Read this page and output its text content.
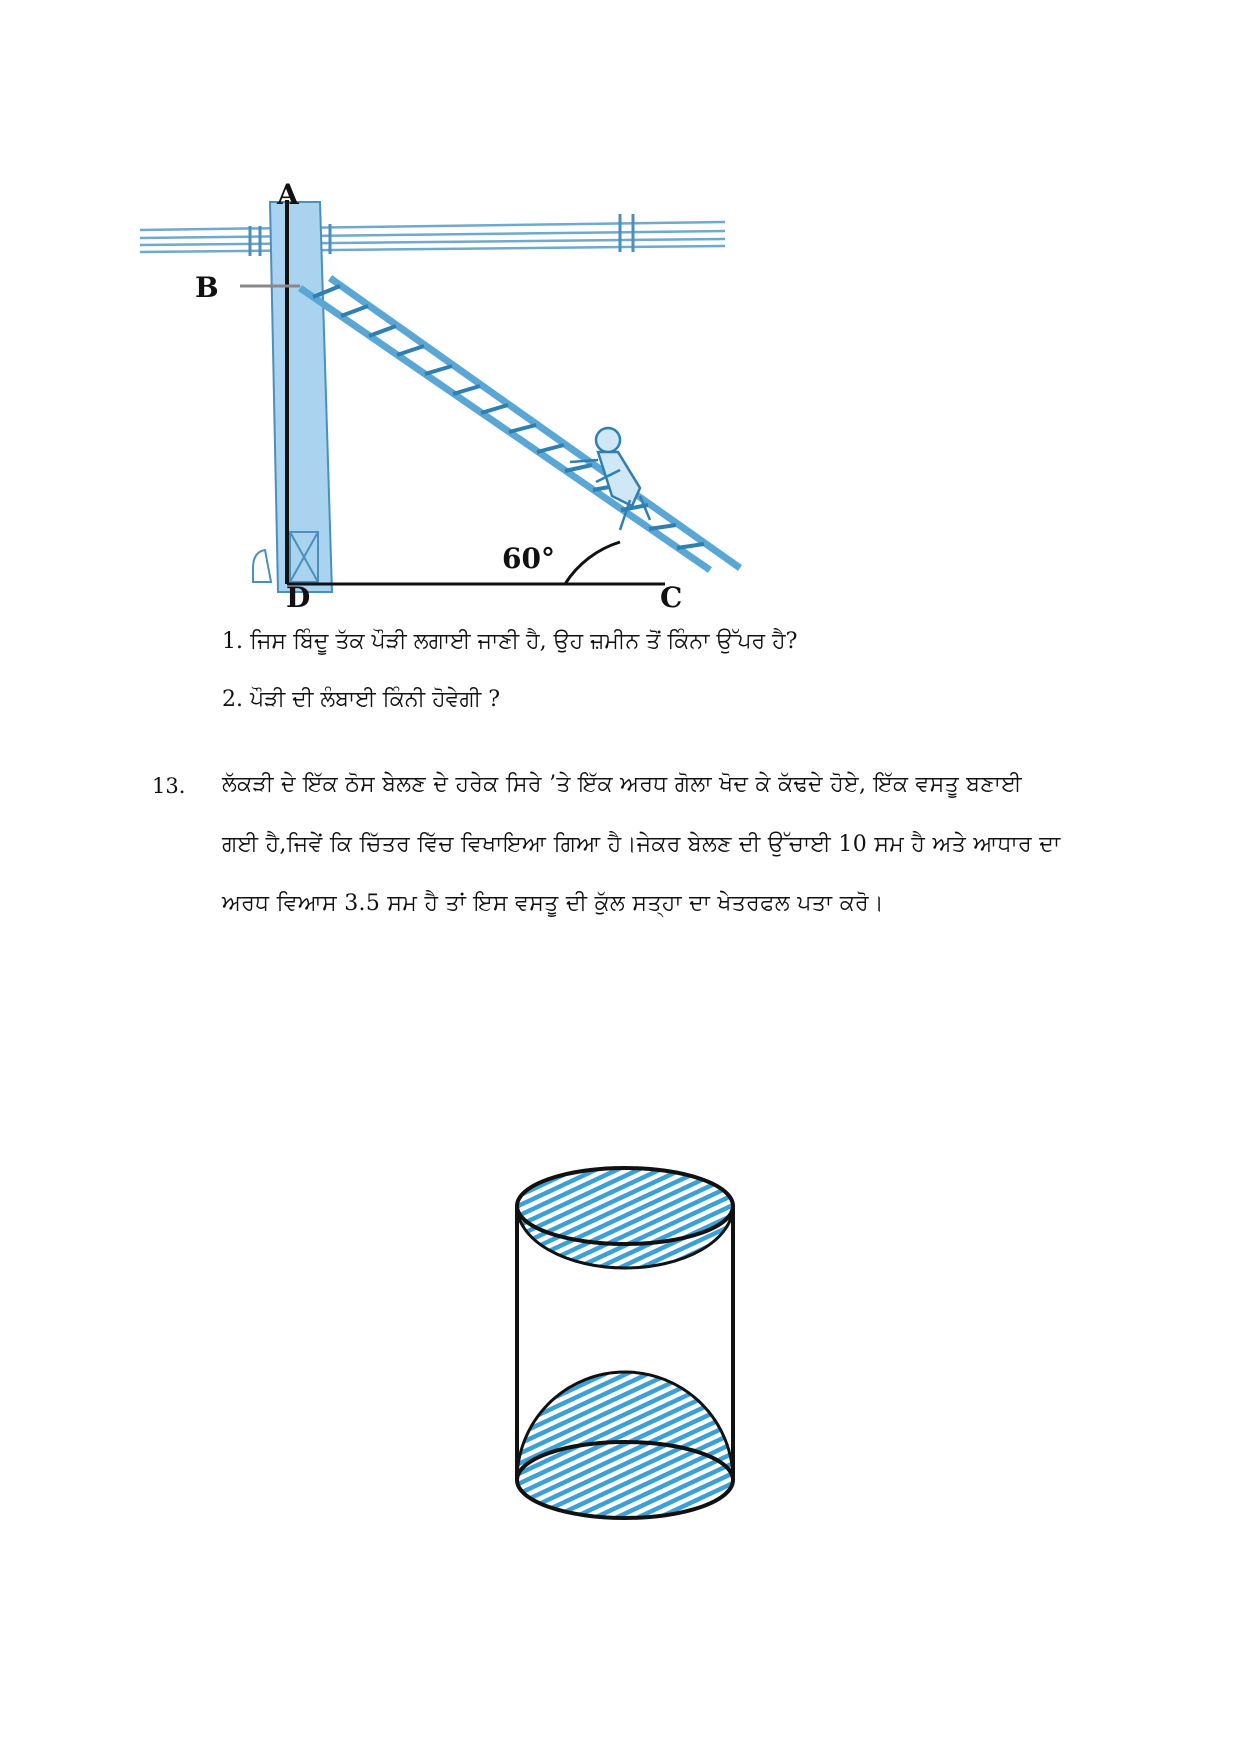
A
B
D	C
60°
1. ਜਿਸ ਬਿੰਦੂ ਤੱਕ ਪੌੜੀ ਲਗਾਈ ਜਾਣੀ ਹੈ, ਉਹ ਜ਼ਮੀਨ ਤੋਂ ਕਿੰਨਾ ਉੱਪਰ ਹੈ?
2. ਪੌੜੀ ਦੀ ਲੰਬਾਈ ਕਿੰਨੀ ਹੋਵੇਗੀ ?
13. ਲੱਕੜੀ ਦੇ ਇੱਕ ਠੋਸ ਬੇਲਣ ਦੇ ਹਰੇਕ ਸਿਰੇ ’ਤੇ ਇੱਕ ਅਰਧ ਗੋਲਾ ਖੋਦ ਕੇ ਕੱਢਦੇ ਹੋਏ, ਇੱਕ ਵਸਤੂ ਬਣਾਈ
ਗਈ ਹੈ,ਜਿਵੇਂ ਕਿ ਚਿੱਤਰ ਵਿੱਚ ਵਿਖਾਇਆ ਗਿਆ ਹੈ।ਜੇਕਰ ਬੇਲਣ ਦੀ ਉੱਚਾਈ 10 ਸਮ ਹੈ ਅਤੇ ਆਧਾਰ ਦਾ
ਅਰਧ ਵਿਆਸ 3.5 ਸਮ ਹੈ ਤਾਂ ਇਸ ਵਸਤੂ ਦੀ ਕੁੱਲ ਸਤ੍ਹਾ ਦਾ ਖੇਤਰਫਲ ਪਤਾ ਕਰੋ।
